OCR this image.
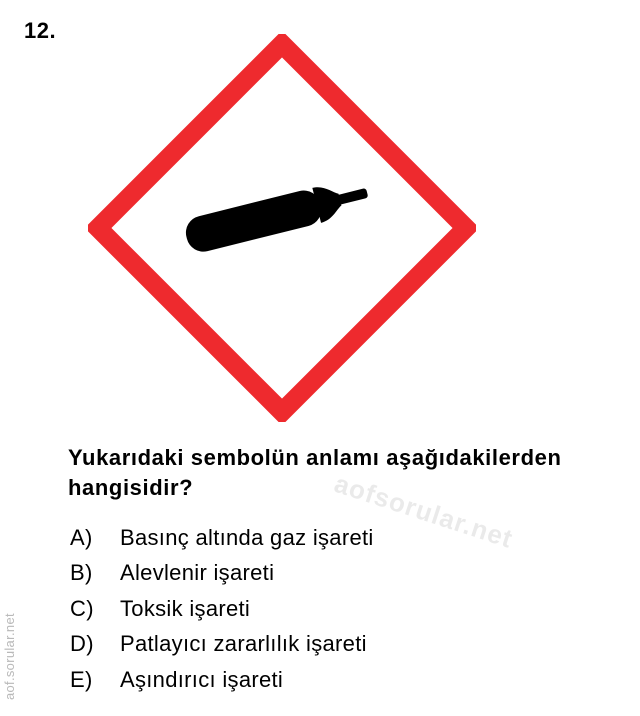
12.
aofsorular.net
Yukarıdaki sembolün anlamı aşağıdakilerden hangisidir?
A)	Basınç altında gaz işareti
B)	Alevlenir işareti
C)	Toksik işareti
D)	Patlayıcı zararlılık işareti
E)	Aşındırıcı işareti
aof.sorular.net
